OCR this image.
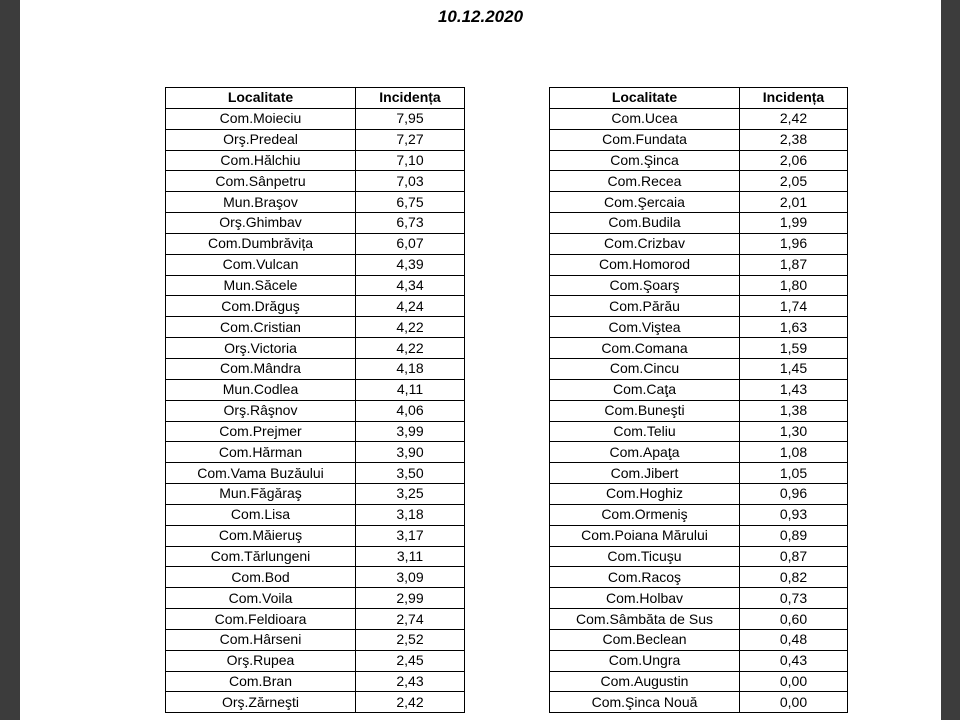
10.12.2020
Localitate	Incidența
Com.Moieciu	7,95
Orş.Predeal	7,27
Com.Hălchiu	7,10
Com.Sânpetru	7,03
Mun.Braşov	6,75
Orş.Ghimbav	6,73
Com.Dumbrăvița	6,07
Com.Vulcan	4,39
Mun.Săcele	4,34
Com.Drăguş	4,24
Com.Cristian	4,22
Orş.Victoria	4,22
Com.Mândra	4,18
Mun.Codlea	4,11
Orş.Râşnov	4,06
Com.Prejmer	3,99
Com.Hărman	3,90
Com.Vama Buzăului	3,50
Mun.Făgăraş	3,25
Com.Lisa	3,18
Com.Măieruş	3,17
Com.Tărlungeni	3,11
Com.Bod	3,09
Com.Voila	2,99
Com.Feldioara	2,74
Com.Hârseni	2,52
Orş.Rupea	2,45
Com.Bran	2,43
Orş.Zărneşti	2,42
Localitate	Incidența
Com.Ucea	2,42
Com.Fundata	2,38
Com.Şinca	2,06
Com.Recea	2,05
Com.Şercaia	2,01
Com.Budila	1,99
Com.Crizbav	1,96
Com.Homorod	1,87
Com.Şoarş	1,80
Com.Părău	1,74
Com.Viştea	1,63
Com.Comana	1,59
Com.Cincu	1,45
Com.Caţa	1,43
Com.Buneşti	1,38
Com.Teliu	1,30
Com.Apaţa	1,08
Com.Jibert	1,05
Com.Hoghiz	0,96
Com.Ormeniş	0,93
Com.Poiana Mărului	0,89
Com.Ticuşu	0,87
Com.Racoş	0,82
Com.Holbav	0,73
Com.Sâmbăta de Sus	0,60
Com.Beclean	0,48
Com.Ungra	0,43
Com.Augustin	0,00
Com.Şinca Nouă	0,00
